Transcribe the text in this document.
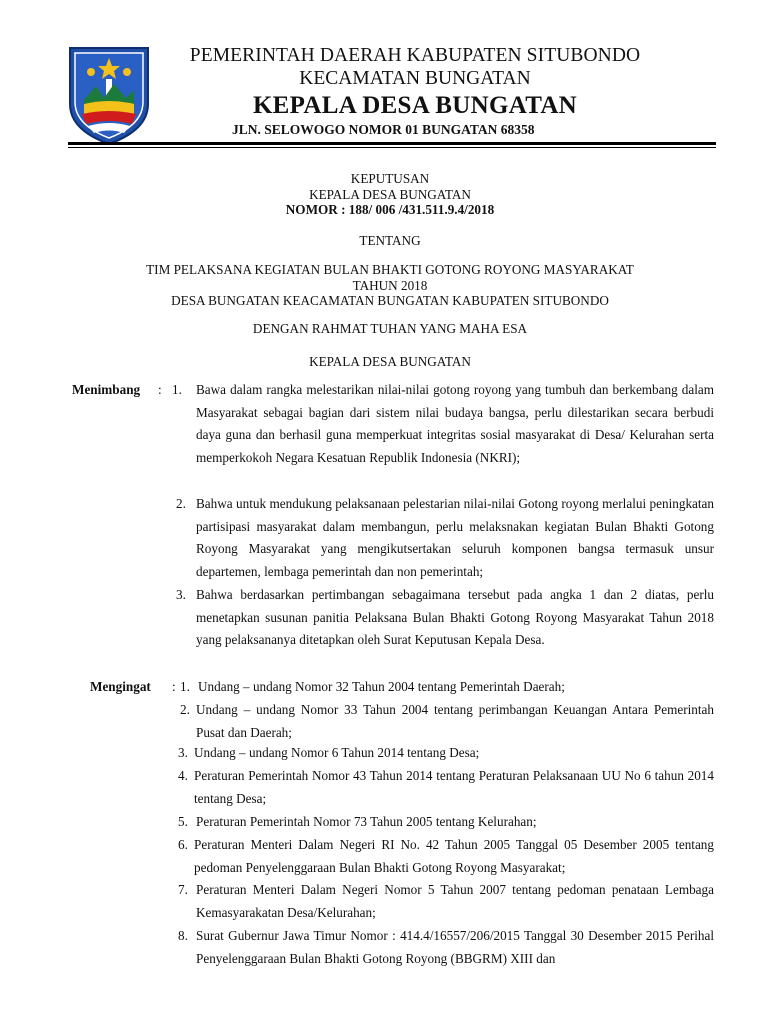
PEMERINTAH DAERAH KABUPATEN SITUBONDO
KECAMATAN BUNGATAN
KEPALA DESA BUNGATAN
JLN. SELOWOGO NOMOR 01 BUNGATAN 68358
KEPUTUSAN
KEPALA DESA BUNGATAN
NOMOR : 188/ 006 /431.511.9.4/2018
TENTANG
TIM PELAKSANA KEGIATAN BULAN BHAKTI GOTONG ROYONG MASYARAKAT
TAHUN 2018
DESA BUNGATAN KEACAMATAN BUNGATAN KABUPATEN SITUBONDO
DENGAN RAHMAT TUHAN YANG MAHA ESA
KEPALA DESA BUNGATAN
Menimbang : 1. Bawa dalam rangka melestarikan nilai-nilai gotong royong yang tumbuh dan berkembang dalam Masyarakat sebagai bagian dari sistem nilai budaya bangsa, perlu dilestarikan secara berbudi daya guna dan berhasil guna memperkuat integritas sosial masyarakat di Desa/ Kelurahan serta memperkokoh Negara Kesatuan Republik Indonesia (NKRI);
2. Bahwa untuk mendukung pelaksanaan pelestarian nilai-nilai Gotong royong merlalui peningkatan partisipasi masyarakat dalam membangun, perlu melaksnakan kegiatan Bulan Bhakti Gotong Royong Masyarakat yang mengikutsertakan seluruh komponen bangsa termasuk unsur departemen, lembaga pemerintah dan non pemerintah;
3. Bahwa berdasarkan pertimbangan sebagaimana tersebut pada angka 1 dan 2 diatas, perlu menetapkan susunan panitia Pelaksana Bulan Bhakti Gotong Royong Masyarakat Tahun 2018 yang pelaksananya ditetapkan oleh Surat Keputusan Kepala Desa.
Mengingat : 1. Undang – undang Nomor 32 Tahun 2004 tentang Pemerintah Daerah;
2. Undang – undang Nomor 33 Tahun 2004 tentang perimbangan Keuangan Antara Pemerintah Pusat dan Daerah;
3. Undang – undang Nomor 6 Tahun 2014 tentang Desa;
4. Peraturan Pemerintah Nomor 43 Tahun 2014 tentang Peraturan Pelaksanaan UU No 6 tahun 2014 tentang Desa;
5. Peraturan Pemerintah Nomor 73 Tahun 2005 tentang Kelurahan;
6. Peraturan Menteri Dalam Negeri RI No. 42 Tahun 2005 Tanggal 05 Desember 2005 tentang pedoman Penyelenggaraan Bulan Bhakti Gotong Royong Masyarakat;
7. Peraturan Menteri Dalam Negeri Nomor 5 Tahun 2007 tentang pedoman penataan Lembaga Kemasyarakatan Desa/Kelurahan;
8. Surat Gubernur Jawa Timur Nomor : 414.4/16557/206/2015 Tanggal 30 Desember 2015 Perihal Penyelenggaraan Bulan Bhakti Gotong Royong (BBGRM) XIII dan
